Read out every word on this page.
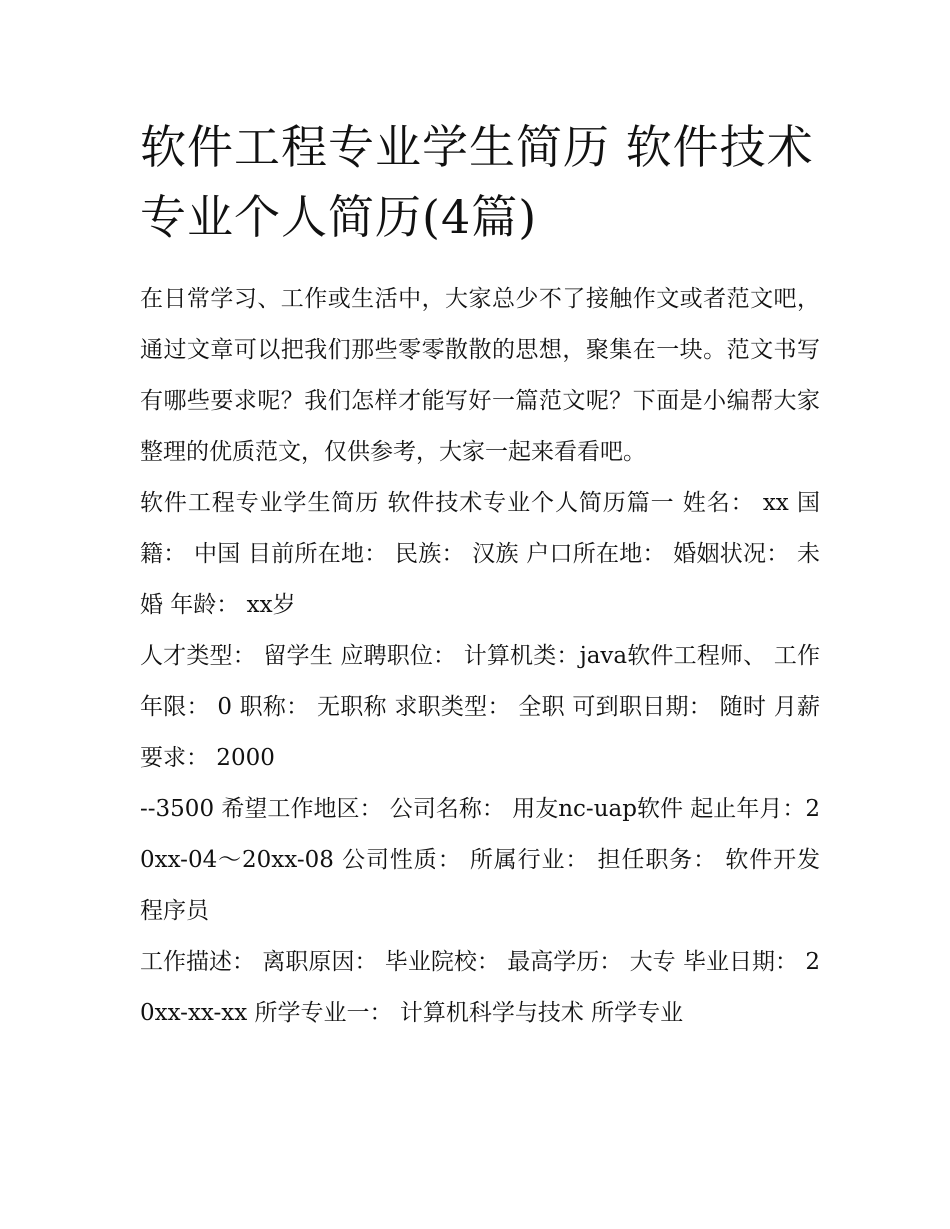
软件工程专业学生简历 软件技术专业个人简历(4篇)

在日常学习、工作或生活中，大家总少不了接触作文或者范文吧，通过文章可以把我们那些零零散散的思想，聚集在一块。范文书写有哪些要求呢？我们怎样才能写好一篇范文呢？下面是小编帮大家整理的优质范文，仅供参考，大家一起来看看吧。

软件工程专业学生简历 软件技术专业个人简历篇一 姓名： xx 国籍： 中国 目前所在地： 民族： 汉族 户口所在地： 婚姻状况： 未婚 年龄： xx岁

人才类型： 留学生 应聘职位： 计算机类：java软件工程师、 工作年限： 0 职称： 无职称 求职类型： 全职 可到职日期： 随时 月薪要求： 2000

--3500 希望工作地区： 公司名称： 用友nc-uap软件 起止年月：20xx-04～20xx-08 公司性质： 所属行业： 担任职务： 软件开发程序员

工作描述： 离职原因： 毕业院校： 最高学历： 大专 毕业日期： 20xx-xx-xx 所学专业一： 计算机科学与技术 所学专业
